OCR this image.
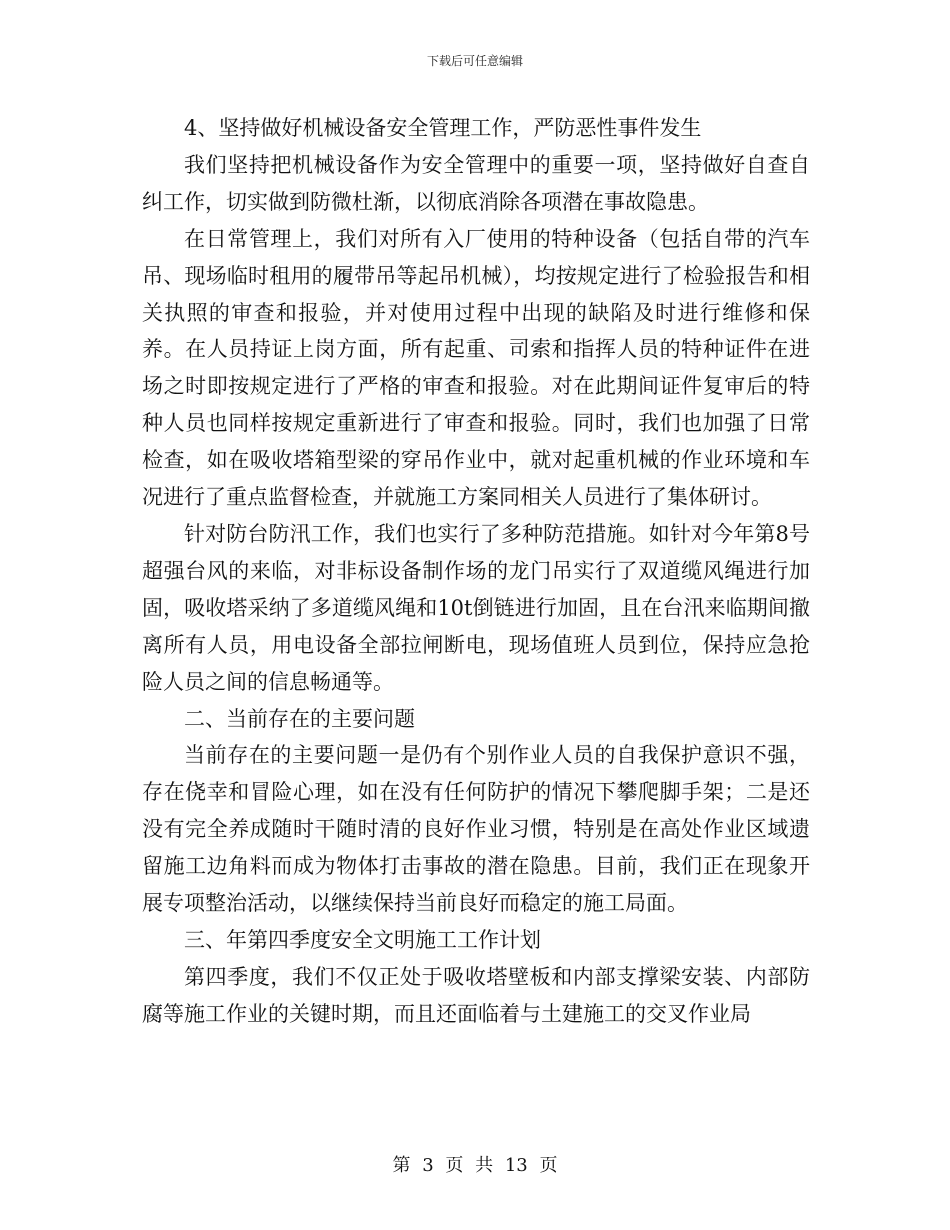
下载后可任意编辑

4、坚持做好机械设备安全管理工作，严防恶性事件发生

我们坚持把机械设备作为安全管理中的重要一项，坚持做好自查自纠工作，切实做到防微杜渐，以彻底消除各项潜在事故隐患。

在日常管理上，我们对所有入厂使用的特种设备（包括自带的汽车吊、现场临时租用的履带吊等起吊机械），均按规定进行了检验报告和相关执照的审查和报验，并对使用过程中出现的缺陷及时进行维修和保养。在人员持证上岗方面，所有起重、司索和指挥人员的特种证件在进场之时即按规定进行了严格的审查和报验。对在此期间证件复审后的特种人员也同样按规定重新进行了审查和报验。同时，我们也加强了日常检查，如在吸收塔箱型梁的穿吊作业中，就对起重机械的作业环境和车况进行了重点监督检查，并就施工方案同相关人员进行了集体研讨。

针对防台防汛工作，我们也实行了多种防范措施。如针对今年第8号超强台风的来临，对非标设备制作场的龙门吊实行了双道缆风绳进行加固，吸收塔采纳了多道缆风绳和10t倒链进行加固，且在台汛来临期间撤离所有人员，用电设备全部拉闸断电，现场值班人员到位，保持应急抢险人员之间的信息畅通等。

二、当前存在的主要问题

当前存在的主要问题一是仍有个别作业人员的自我保护意识不强，存在侥幸和冒险心理，如在没有任何防护的情况下攀爬脚手架；二是还没有完全养成随时干随时清的良好作业习惯，特别是在高处作业区域遗留施工边角料而成为物体打击事故的潜在隐患。目前，我们正在现象开展专项整治活动，以继续保持当前良好而稳定的施工局面。

三、年第四季度安全文明施工工作计划

第四季度，我们不仅正处于吸收塔壁板和内部支撑梁安装、内部防腐等施工作业的关键时期，而且还面临着与土建施工的交叉作业局

第 3 页 共 13 页
